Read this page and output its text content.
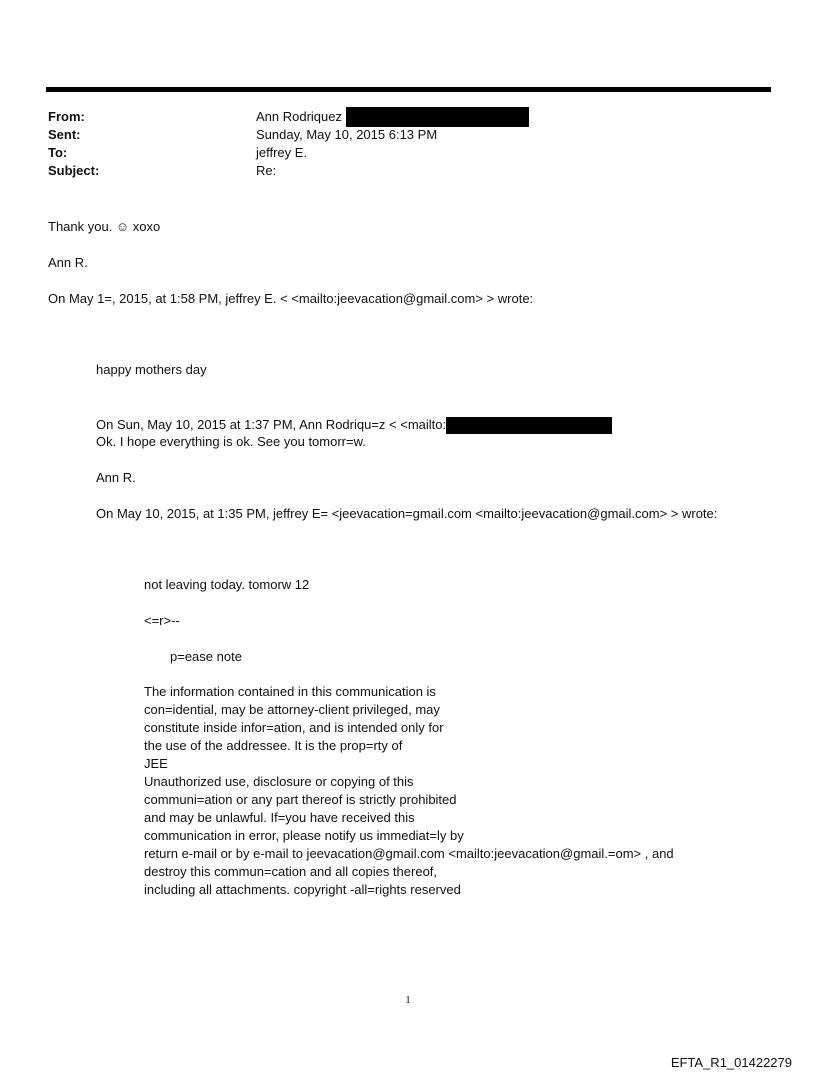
From:	Ann Rodriquez
Sent:	Sunday, May 10, 2015 6:13 PM
To:	jeffrey E.
Subject:	Re:
Thank you. ☺ xoxo
Ann R.
On May 1=, 2015, at 1:58 PM, jeffrey E. < <mailto:jeevacation@gmail.com> > wrote:
happy mothers day
On Sun, May 10, 2015 at 1:37 PM, Ann Rodriqu=z < <mailto:
Ok. I hope everything is ok. See you tomorr=w.
Ann R.
On May 10, 2015, at 1:35 PM, jeffrey E= <jeevacation=gmail.com <mailto:jeevacation@gmail.com> > wrote:
not leaving today. tomorw 12
<=r>--
p=ease note
The information contained in this communication is
con=idential, may be attorney-client privileged, may
constitute inside infor=ation, and is intended only for
the use of the addressee. It is the prop=rty of
JEE
Unauthorized use, disclosure or copying of this
communi=ation or any part thereof is strictly prohibited
and may be unlawful. If=you have received this
communication in error, please notify us immediat=ly by
return e-mail or by e-mail to jeevacation@gmail.com <mailto:jeevacation@gmail.=om> , and
destroy this commun=cation and all copies thereof,
including all attachments. copyright -all=rights reserved
1
EFTA_R1_01422279
